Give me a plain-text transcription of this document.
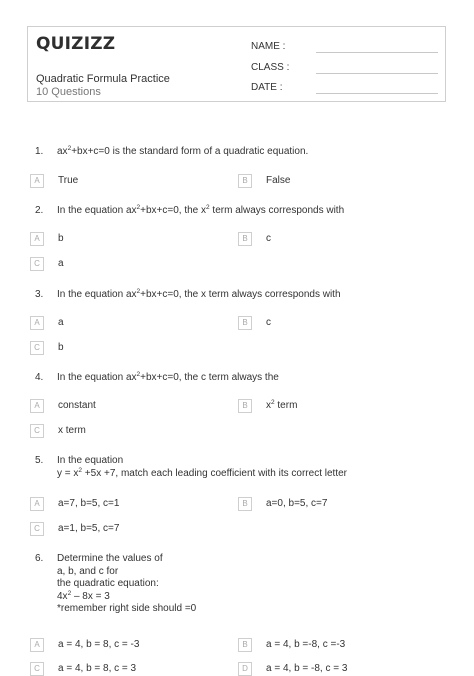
QUIZIZZ
Quadratic Formula Practice
10 Questions
NAME :
CLASS :
DATE :
1. $ax^2+bx+c=0$ is the standard form of a quadratic equation.
A	True	B	False
2. In the equation $ax^2+bx+c=0$, the $x^2$ term always corresponds with
A	b	B	c
C	a
3. In the equation $ax^2+bx+c=0$, the x term always corresponds with
A	a	B	c
C	b
4. In the equation $ax^2+bx+c=0$, the c term always the
A	constant	B	$x^2$ term
C	x term
5. In the equation
$y = x^2 +5x +7$, match each leading coefficient with its correct letter
A	a=7, b=5, c=1	B	a=0, b=5, c=7
C	a=1, b=5, c=7
6. Determine the values of
a, b, and c for
the quadratic equation:
$4x^2 - 8x = 3$
*remember right side should =0
A	a = 4, b = 8, c = -3	B	a = 4, b =-8, c =-3
C	a = 4, b = 8, c = 3	D	a = 4, b = -8, c = 3
